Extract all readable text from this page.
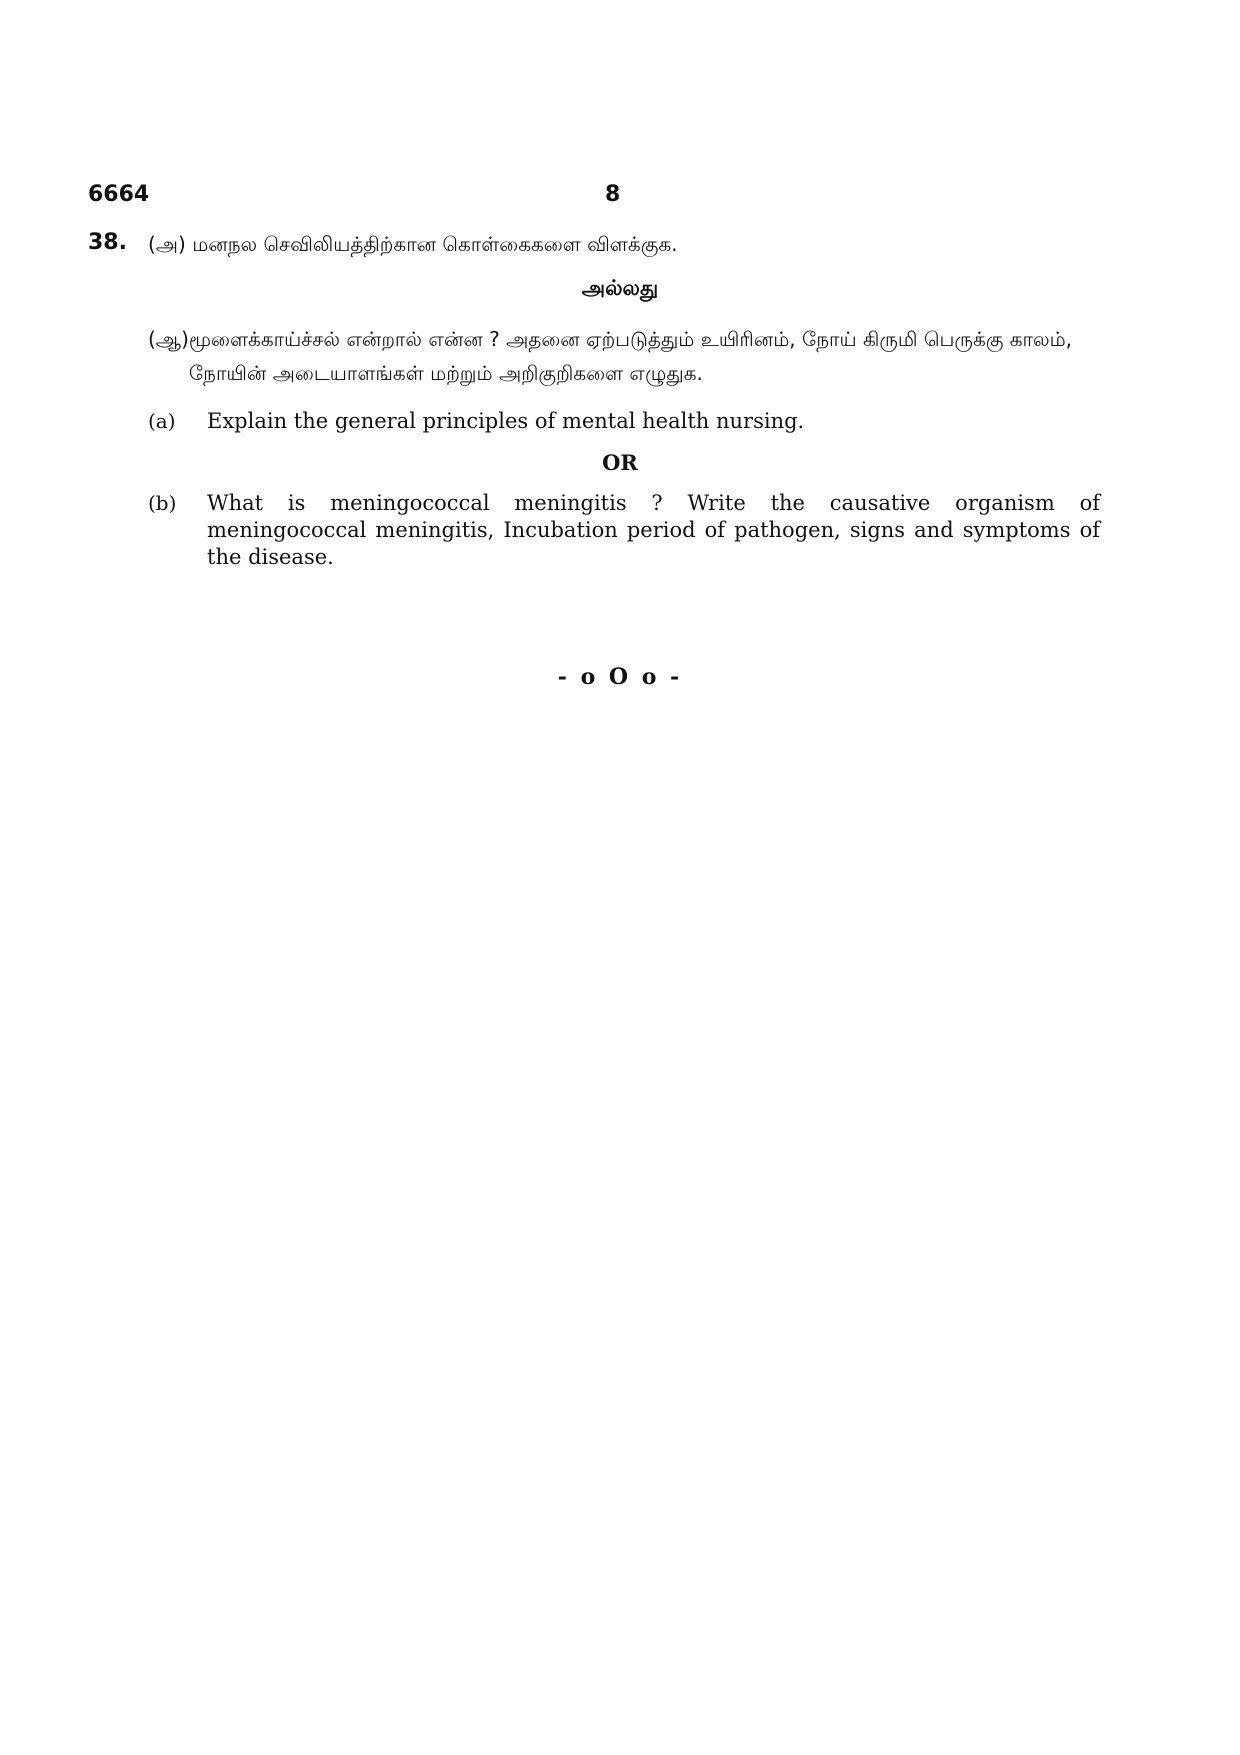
6664	8
38. (அ) மனநல செவிலியத்திற்கான கொள்கைகளை விளக்குக.
அல்லது
(ஆ) மூளைக்காய்ச்சல் என்றால் என்ன ? அதனை ஏற்படுத்தும் உயிரினம், நோய் கிருமி பெருக்கு காலம், நோயின் அடையாளங்கள் மற்றும் அறிகுறிகளை எழுதுக.
(a) Explain the general principles of mental health nursing.
OR
(b) What is meningococcal meningitis ? Write the causative organism of meningococcal meningitis, Incubation period of pathogen, signs and symptoms of the disease.
- o O o -
